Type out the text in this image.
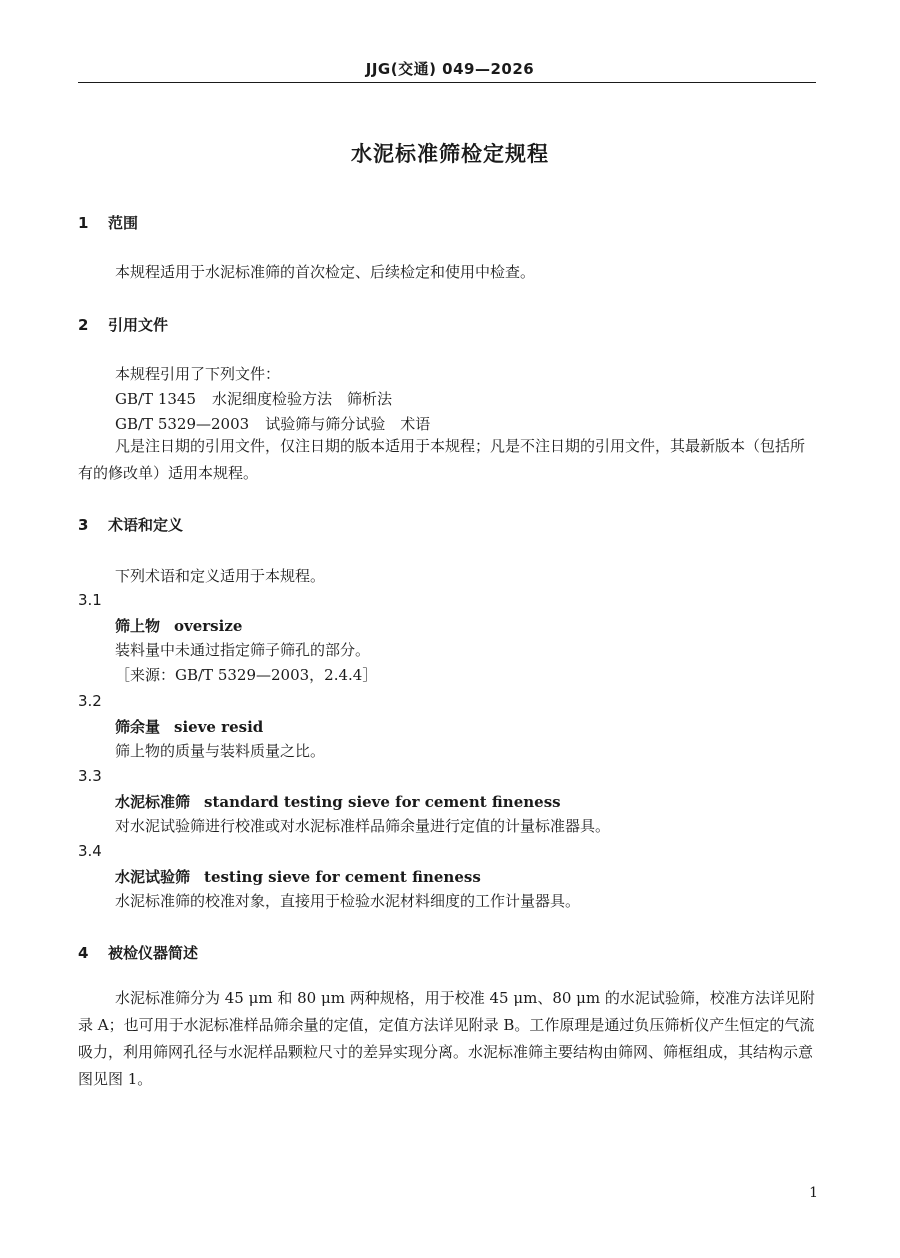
JJG(交通) 049—2026
水泥标准筛检定规程
1 范围
本规程适用于水泥标准筛的首次检定、后续检定和使用中检查。
2 引用文件
本规程引用了下列文件：
GB/T 1345 水泥细度检验方法　筛析法
GB/T 5329—2003 试验筛与筛分试验　术语
凡是注日期的引用文件，仅注日期的版本适用于本规程；凡是不注日期的引用文件，其最新版本（包括所有的修改单）适用本规程。
3 术语和定义
下列术语和定义适用于本规程。
3.1
筛上物 oversize
装料量中未通过指定筛子筛孔的部分。
［来源：GB/T 5329—2003，2.4.4］
3.2
筛余量 sieve resid
筛上物的质量与装料质量之比。
3.3
水泥标准筛 standard testing sieve for cement fineness
对水泥试验筛进行校准或对水泥标准样品筛余量进行定值的计量标准器具。
3.4
水泥试验筛 testing sieve for cement fineness
水泥标准筛的校准对象，直接用于检验水泥材料细度的工作计量器具。
4 被检仪器简述
水泥标准筛分为 45 μm 和 80 μm 两种规格，用于校准 45 μm、80 μm 的水泥试验筛，校准方法详见附录 A；也可用于水泥标准样品筛余量的定值，定值方法详见附录 B。工作原理是通过负压筛析仪产生恒定的气流吸力，利用筛网孔径与水泥样品颗粒尺寸的差异实现分离。水泥标准筛主要结构由筛网、筛框组成，其结构示意图见图 1。
1
